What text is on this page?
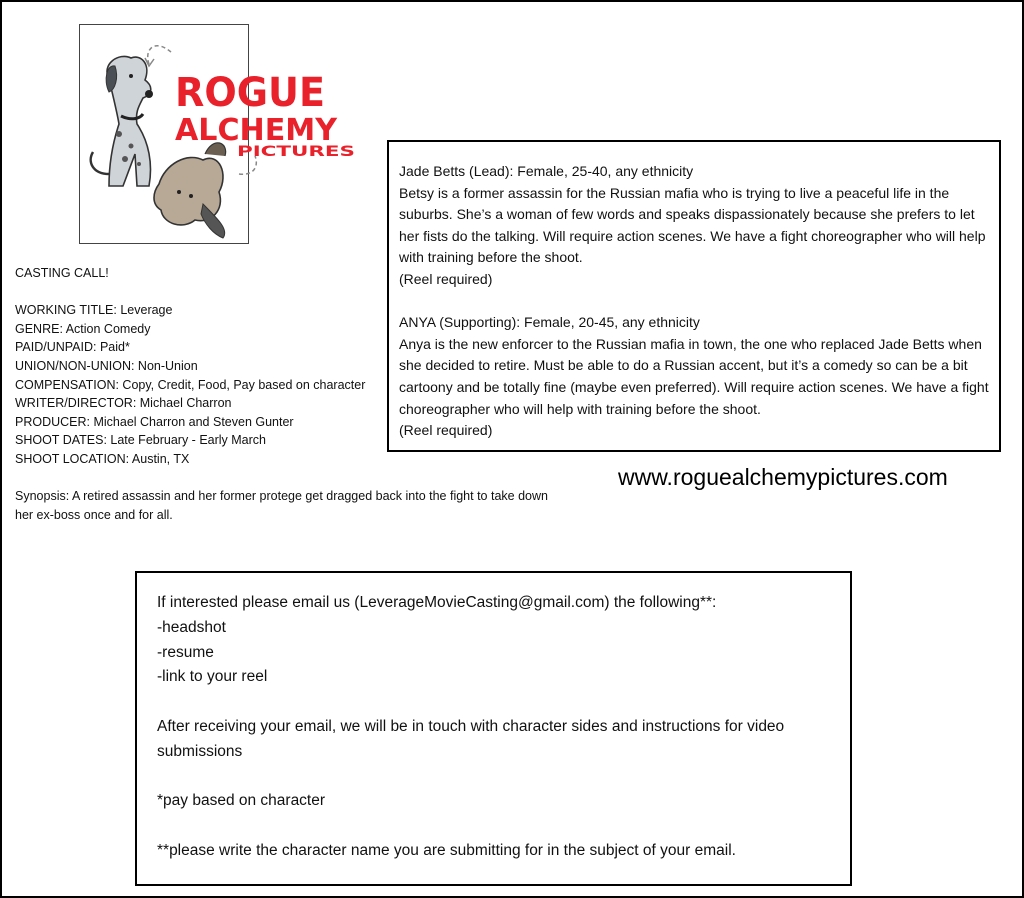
ROGUE
ALCHEMY
PICTURES

CASTING CALL!

WORKING TITLE: Leverage

GENRE: Action Comedy

PAID/UNPAID: Paid*

UNION/NON-UNION: Non-Union

COMPENSATION: Copy, Credit, Food, Pay based on character

WRITER/DIRECTOR: Michael Charron

PRODUCER: Michael Charron and Steven Gunter

SHOOT DATES: Late February - Early March

SHOOT LOCATION: Austin, TX

Synopsis: A retired assassin and her former protege get dragged back into the fight to take down

her ex-boss once and for all.

Jade Betts (Lead): Female, 25-40, any ethnicity

Betsy is a former assassin for the Russian mafia who is trying to live a peaceful life in the

suburbs. She’s a woman of few words and speaks dispassionately because she prefers to let

her fists do the talking. Will require action scenes. We have a fight choreographer who will help

with training before the shoot.

(Reel required)

ANYA (Supporting): Female, 20-45, any ethnicity

Anya is the new enforcer to the Russian mafia in town, the one who replaced Jade Betts when

she decided to retire. Must be able to do a Russian accent, but it’s a comedy so can be a bit

cartoony and be totally fine (maybe even preferred). Will require action scenes. We have a fight

choreographer who will help with training before the shoot.

(Reel required)

www.roguealchemypictures.com

If interested please email us (LeverageMovieCasting@gmail.com) the following**:

-headshot

-resume

-link to your reel

After receiving your email, we will be in touch with character sides and instructions for video

submissions

*pay based on character

**please write the character name you are submitting for in the subject of your email.
